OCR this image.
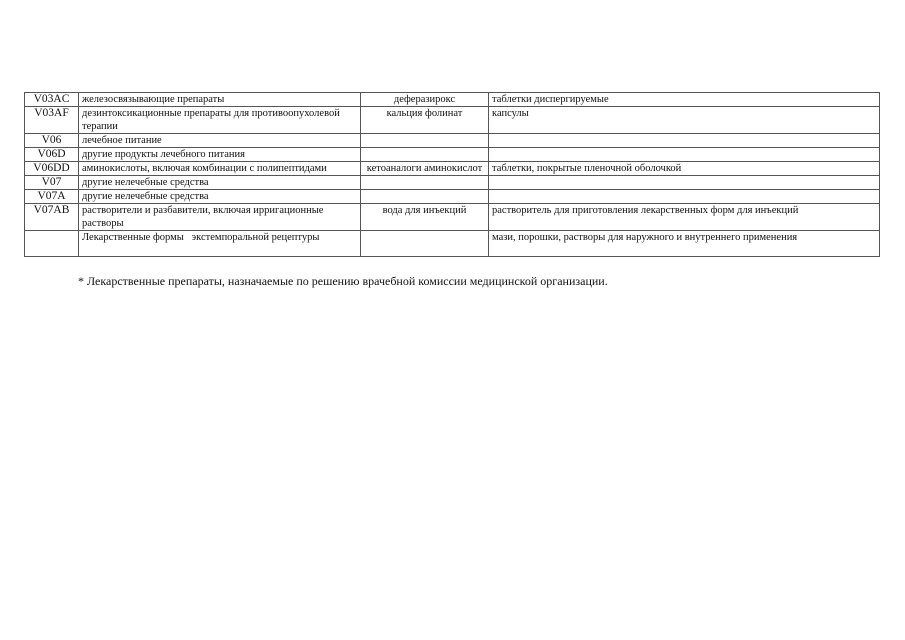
V03AC	железосвязывающие препараты	деферазирокс	таблетки диспергируемые
V03AF	дезинтоксикационные препараты для противоопухолевой терапии	кальция фолинат	капсулы
V06	лечебное питание		
V06D	другие продукты лечебного питания		
V06DD	аминокислоты, включая комбинации с полипептидами	кетоаналоги аминокислот	таблетки, покрытые пленочной оболочкой
V07	другие нелечебные средства		
V07A	другие нелечебные средства		
V07AB	растворители и разбавители, включая ирригационные растворы	вода для инъекций	растворитель для приготовления лекарственных форм для инъекций
	Лекарственные формы   экстемпоральной рецептуры		мази, порошки, растворы для наружного и внутреннего применения
* Лекарственные препараты, назначаемые по решению врачебной комиссии медицинской организации.
